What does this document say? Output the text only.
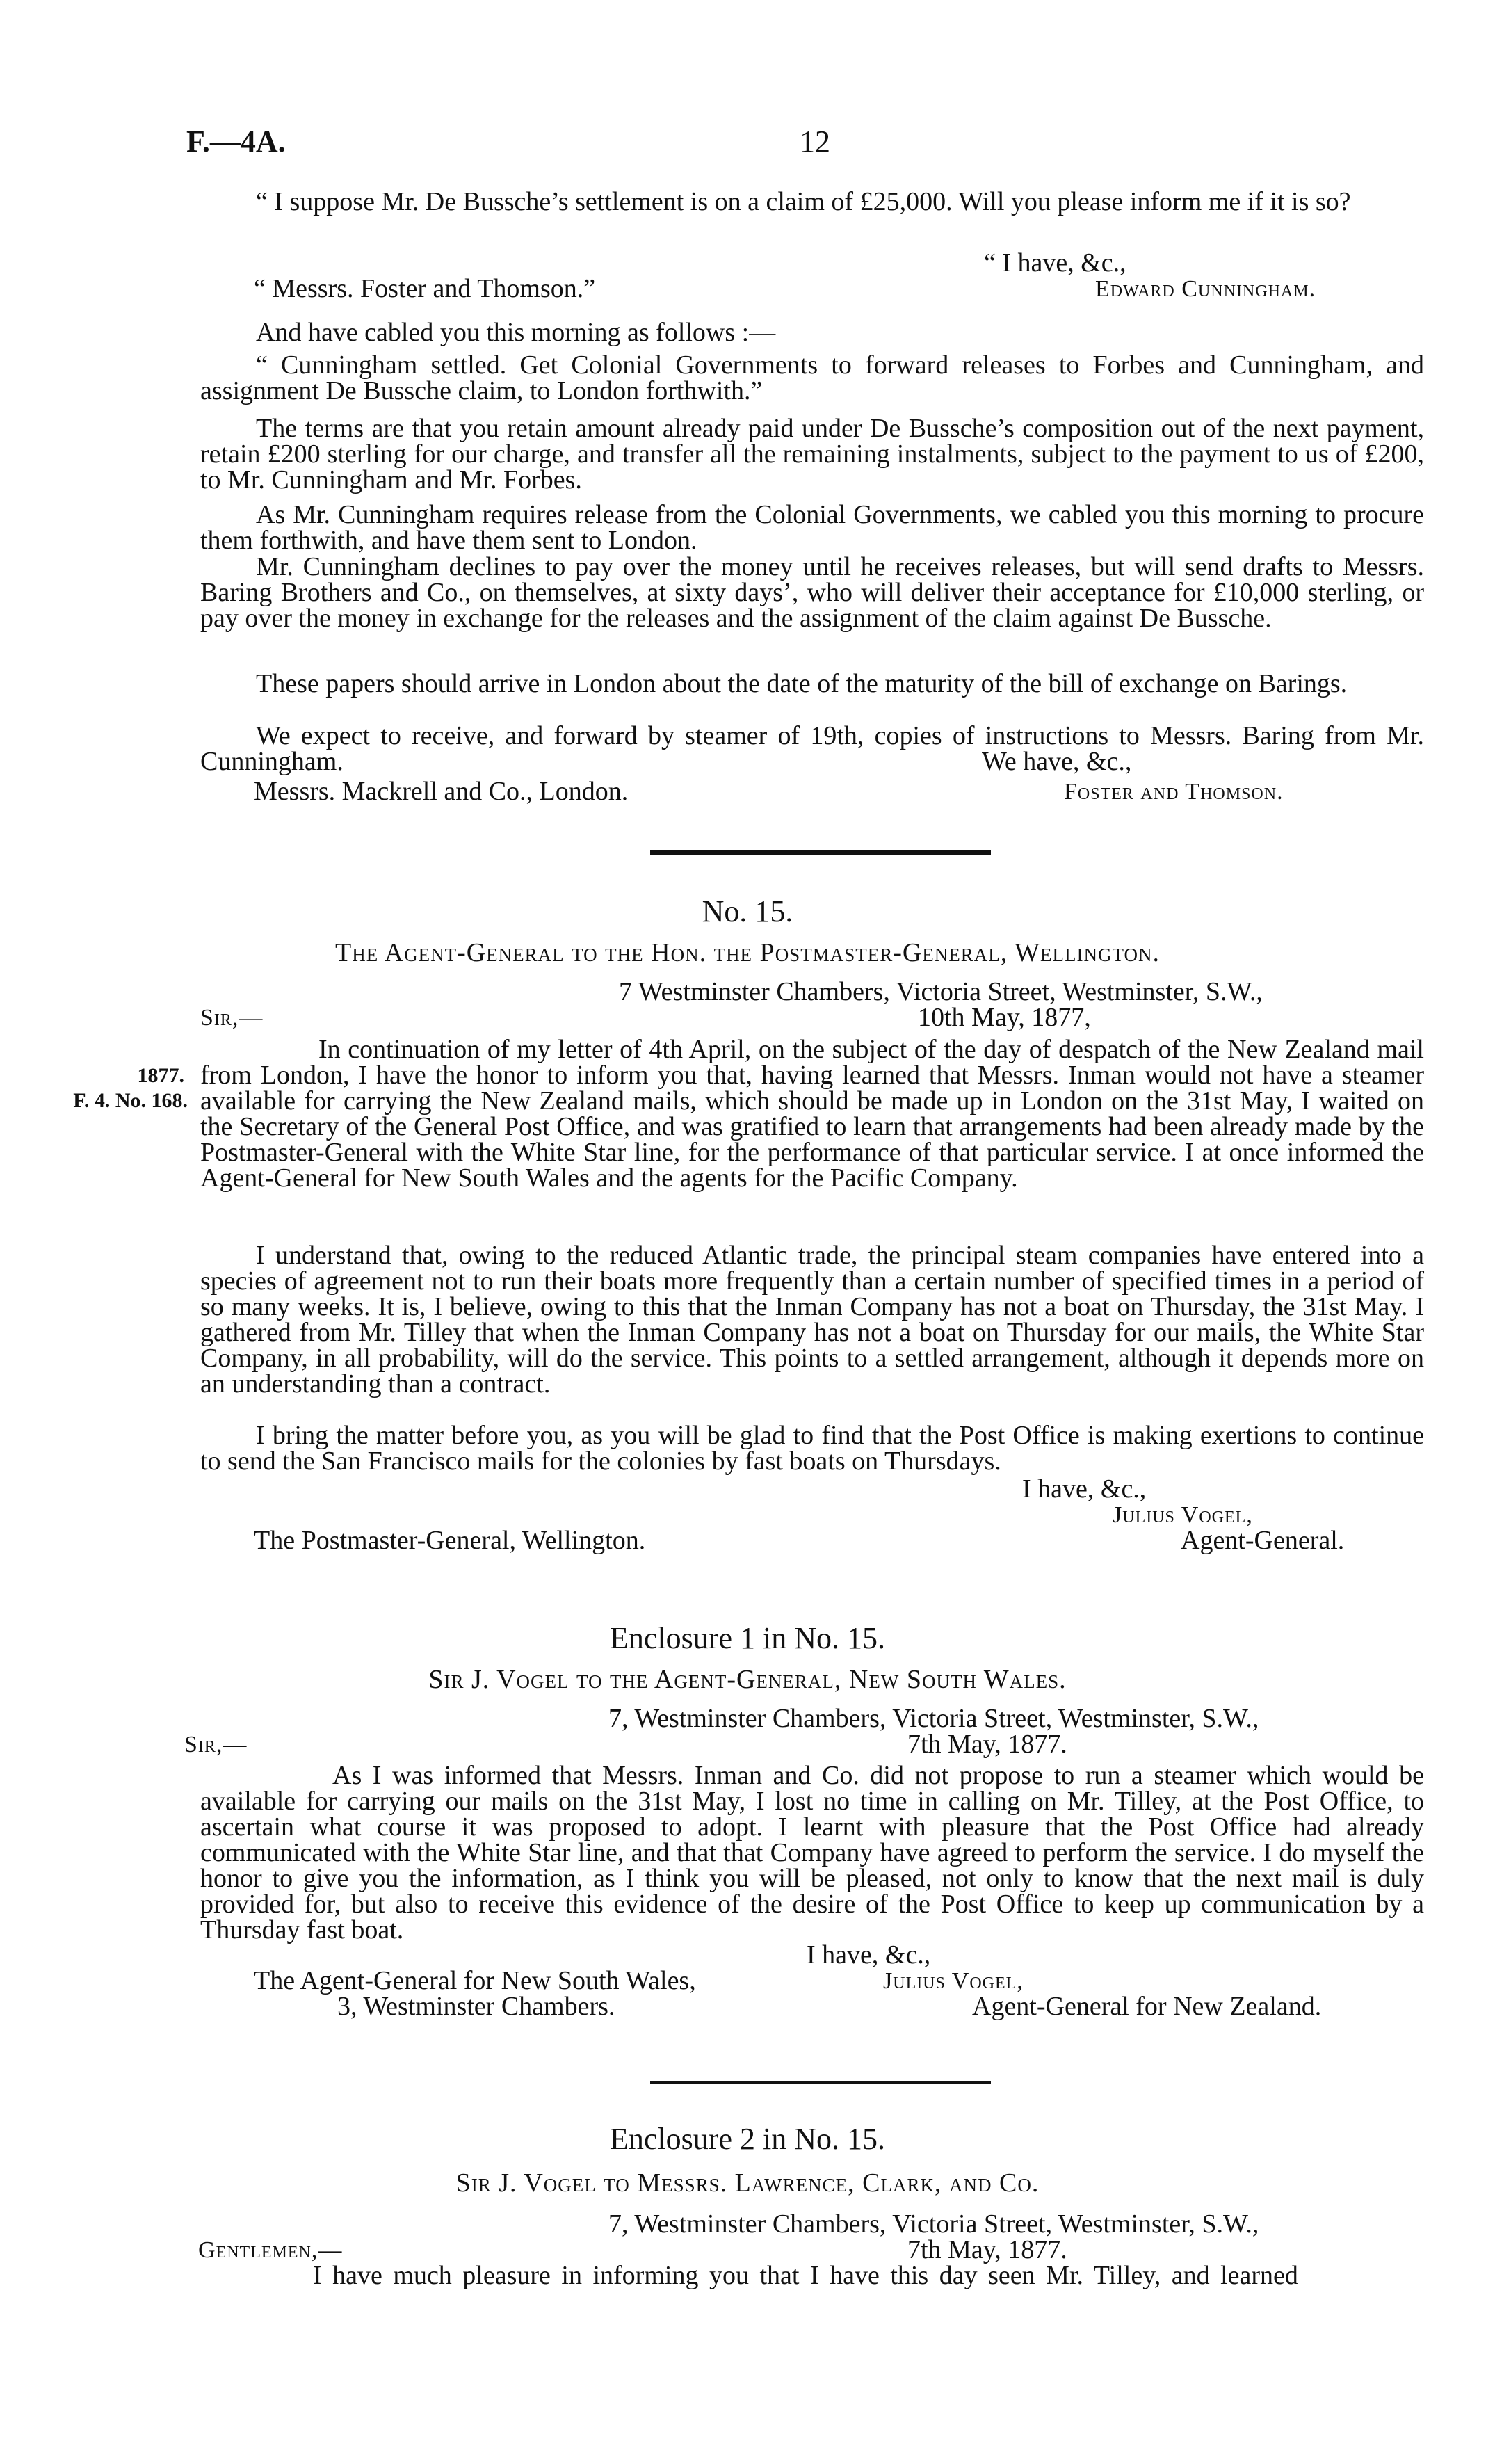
F.—4A.	12
“ I suppose Mr. De Bussche’s settlement is on a claim of £25,000. Will you please inform me if it is so?
“ I have, &c.,
“ Messrs. Foster and Thomson.”	Edward Cunningham.
And have cabled you this morning as follows :—
“ Cunningham settled. Get Colonial Governments to forward releases to Forbes and Cunningham, and assignment De Bussche claim, to London forthwith.”
The terms are that you retain amount already paid under De Bussche’s composition out of the next payment, retain £200 sterling for our charge, and transfer all the remaining instalments, subject to the payment to us of £200, to Mr. Cunningham and Mr. Forbes.
As Mr. Cunningham requires release from the Colonial Governments, we cabled you this morning to procure them forthwith, and have them sent to London.
Mr. Cunningham declines to pay over the money until he receives releases, but will send drafts to Messrs. Baring Brothers and Co., on themselves, at sixty days’, who will deliver their acceptance for £10,000 sterling, or pay over the money in exchange for the releases and the assignment of the claim against De Bussche.
These papers should arrive in London about the date of the maturity of the bill of exchange on Barings.
We expect to receive, and forward by steamer of 19th, copies of instructions to Messrs. Baring from Mr. Cunningham.	We have, &c.,
Messrs. Mackrell and Co., London.	Foster and Thomson.
No. 15.
The Agent-General to the Hon. the Postmaster-General, Wellington.
7 Westminster Chambers, Victoria Street, Westminster, S.W.,
Sir,—	10th May, 1877,
1877.
F. 4. No. 168.
In continuation of my letter of 4th April, on the subject of the day of despatch of the New Zealand mail from London, I have the honor to inform you that, having learned that Messrs. Inman would not have a steamer available for carrying the New Zealand mails, which should be made up in London on the 31st May, I waited on the Secretary of the General Post Office, and was gratified to learn that arrangements had been already made by the Postmaster-General with the White Star line, for the performance of that particular service. I at once informed the Agent-General for New South Wales and the agents for the Pacific Company.
I understand that, owing to the reduced Atlantic trade, the principal steam companies have entered into a species of agreement not to run their boats more frequently than a certain number of specified times in a period of so many weeks. It is, I believe, owing to this that the Inman Company has not a boat on Thursday, the 31st May. I gathered from Mr. Tilley that when the Inman Company has not a boat on Thursday for our mails, the White Star Company, in all probability, will do the service. This points to a settled arrangement, although it depends more on an understanding than a contract.
I bring the matter before you, as you will be glad to find that the Post Office is making exertions to continue to send the San Francisco mails for the colonies by fast boats on Thursdays.
I have, &c.,
Julius Vogel,
The Postmaster-General, Wellington.	Agent-General.
Enclosure 1 in No. 15.
Sir J. Vogel to the Agent-General, New South Wales.
7, Westminster Chambers, Victoria Street, Westminster, S.W.,
Sir,—	7th May, 1877.
As I was informed that Messrs. Inman and Co. did not propose to run a steamer which would be available for carrying our mails on the 31st May, I lost no time in calling on Mr. Tilley, at the Post Office, to ascertain what course it was proposed to adopt. I learnt with pleasure that the Post Office had already communicated with the White Star line, and that that Company have agreed to perform the service. I do myself the honor to give you the information, as I think you will be pleased, not only to know that the next mail is duly provided for, but also to receive this evidence of the desire of the Post Office to keep up communication by a Thursday fast boat.
I have, &c.,
The Agent-General for New South Wales,	Julius Vogel,
3, Westminster Chambers.	Agent-General for New Zealand.
Enclosure 2 in No. 15.
Sir J. Vogel to Messrs. Lawrence, Clark, and Co.
7, Westminster Chambers, Victoria Street, Westminster, S.W.,
Gentlemen,—	7th May, 1877.
I have much pleasure in informing you that I have this day seen Mr. Tilley, and learned
